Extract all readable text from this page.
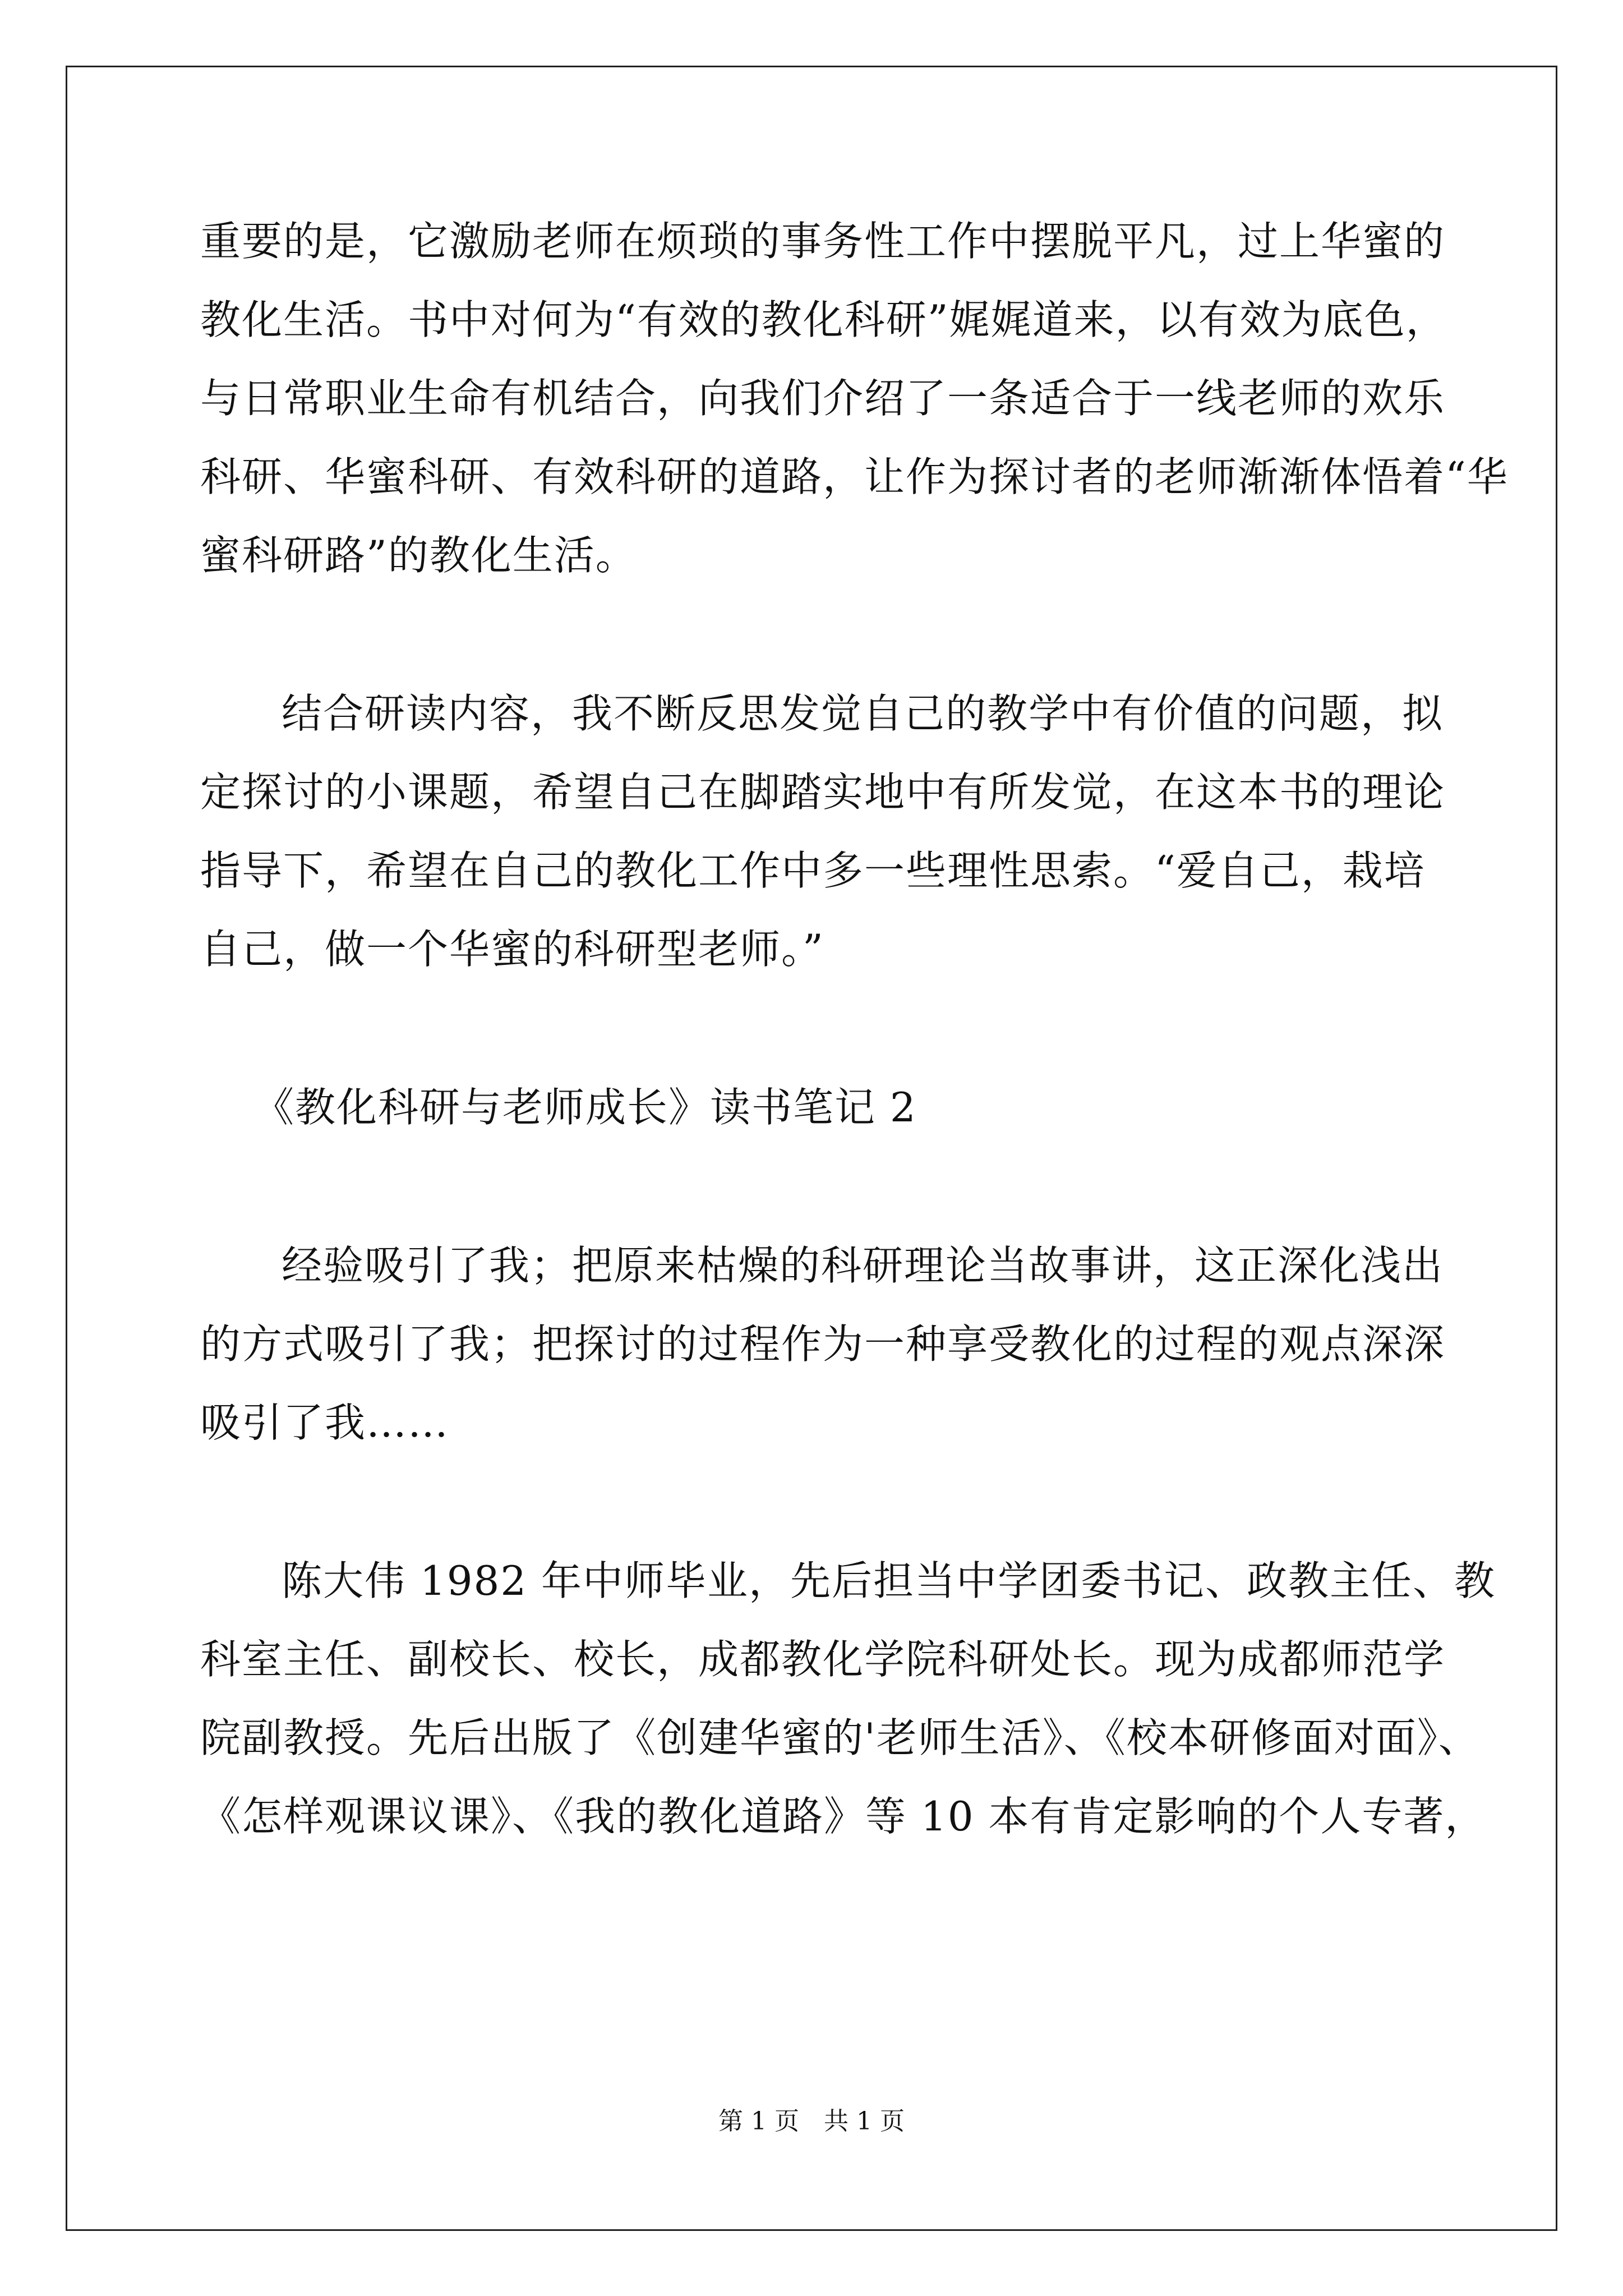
重要的是，它激励老师在烦琐的事务性工作中摆脱平凡，过上华蜜的
教化生活。书中对何为“有效的教化科研”娓娓道来，以有效为底色，
与日常职业生命有机结合，向我们介绍了一条适合于一线老师的欢乐
科研、华蜜科研、有效科研的道路，让作为探讨者的老师渐渐体悟着“华
蜜科研路”的教化生活。
结合研读内容，我不断反思发觉自己的教学中有价值的问题，拟
定探讨的小课题，希望自己在脚踏实地中有所发觉，在这本书的理论
指导下，希望在自己的教化工作中多一些理性思索。“爱自己，栽培
自己，做一个华蜜的科研型老师。”
《教化科研与老师成长》读书笔记 2
经验吸引了我；把原来枯燥的科研理论当故事讲，这正深化浅出
的方式吸引了我；把探讨的过程作为一种享受教化的过程的观点深深
吸引了我……
陈大伟 1982 年中师毕业，先后担当中学团委书记、政教主任、教
科室主任、副校长、校长，成都教化学院科研处长。现为成都师范学
院副教授。先后出版了《创建华蜜的'老师生活》、《校本研修面对面》、
《怎样观课议课》、《我的教化道路》等 10 本有肯定影响的个人专著，
第 1 页　共 1 页
